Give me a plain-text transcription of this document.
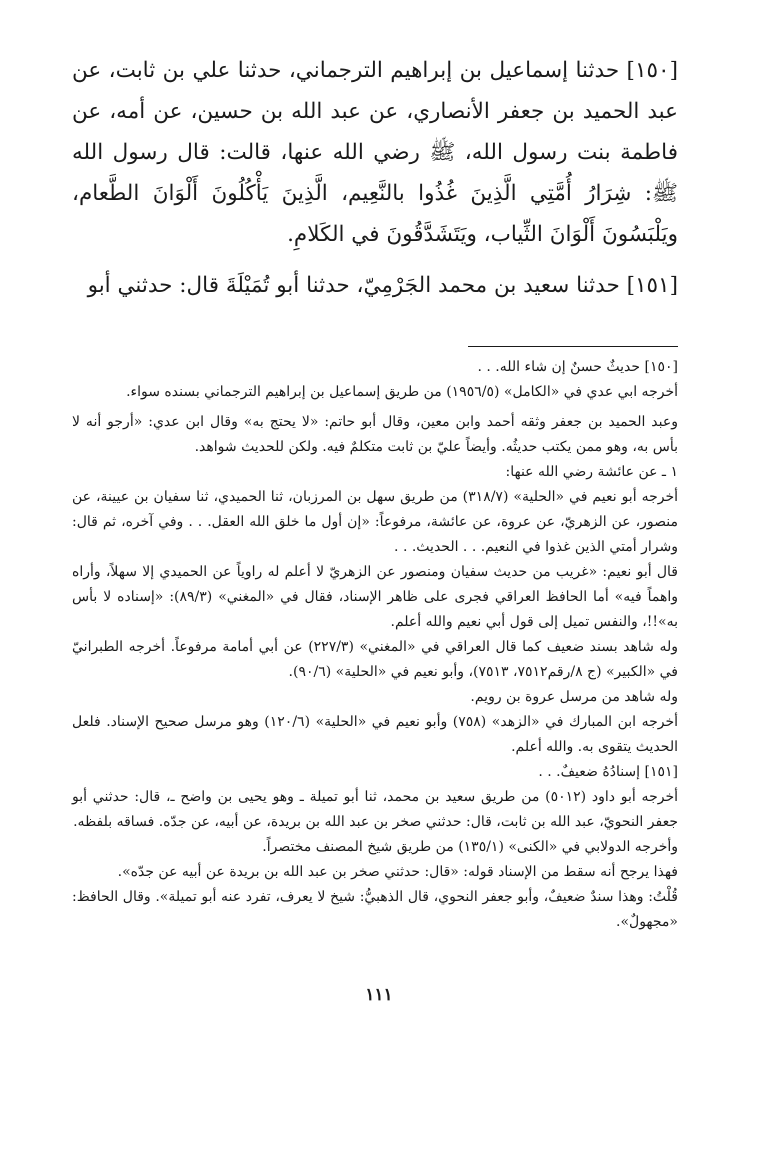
[١٥٠] حدثنا إسماعيل بن إبراهيم الترجماني، حدثنا علي بن ثابت، عن عبد الحميد بن جعفر الأنصاري، عن عبد الله بن حسين، عن أمه، عن فاطمة بنت رسول الله، ﷺ رضي الله عنها، قالت: قال رسول الله ﷺ: شِرَارُ أُمَّتِي الَّذِينَ غُذُوا بالنَّعِيم، الَّذِينَ يَأْكُلُونَ أَلْوَانَ الطَّعام، ويَلْبَسُونَ أَلْوَانَ الثِّياب، ويَتَشَدَّقُونَ في الكَلامِ.

[١٥١] حدثنا سعيد بن محمد الجَرْمِيّ، حدثنا أبو تُمَيْلَةَ قال: حدثني أبو

[١٥٠] حديثٌ حسنٌ إن شاء الله. . .

أخرجه ابي عدي في «الكامل» (١٩٥٦/٥) من طريق إسماعيل بن إبراهيم الترجماني بسنده سواء.

وعبد الحميد بن جعفر وثقه أحمد وابن معين، وقال أبو حاتم: «لا يحتج به» وقال ابن عدي: «أرجو أنه لا بأس به، وهو ممن يكتب حديثُه. وأيضاً عليّ بن ثابت متكلمٌ فيه. ولكن للحديث شواهد.

١ ـ عن عائشة رضي الله عنها:

أخرجه أبو نعيم في «الحلية» (٣١٨/٧) من طريق سهل بن المرزبان، ثنا الحميدي، ثنا سفيان بن عيينة، عن منصور، عن الزهريّ، عن عروة، عن عائشة، مرفوعاً: «إن أول ما خلق الله العقل. . . وفي آخره، ثم قال: وشرار أمتي الذين غذوا في النعيم. . . الحديث. . .

قال أبو نعيم: «غريب من حديث سفيان ومنصور عن الزهريّ لا أعلم له راوياً عن الحميدي إلا سهلاً، وأراه واهماً فيه» أما الحافظ العراقي فجرى على ظاهر الإسناد، فقال في «المغني» (٨٩/٣): «إسناده لا بأس به»!!، والنفس تميل إلى قول أبي نعيم والله أعلم.

وله شاهد بسند ضعيف كما قال العراقي في «المغني» (٢٢٧/٣) عن أبي أمامة مرفوعاً. أخرجه الطبرانيّ في «الكبير» (ج ٨/رقم٧٥١٢، ٧٥١٣)، وأبو نعيم في «الحلية» (٩٠/٦).

وله شاهد من مرسل عروة بن رويم.

أخرجه ابن المبارك في «الزهد» (٧٥٨) وأبو نعيم في «الحلية» (١٢٠/٦) وهو مرسل صحيح الإسناد. فلعل الحديث يتقوى به. والله أعلم.

[١٥١] إسنادُهُ ضعيفٌ. . .

أخرجه أبو داود (٥٠١٢) من طريق سعيد بن محمد، ثنا أبو تميلة ـ وهو يحيى بن واضح ـ، قال: حدثني أبو جعفر النحويّ، عبد الله بن ثابت، قال: حدثني صخر بن عبد الله بن بريدة، عن أبيه، عن جدّه. فساقه بلفظه.

وأخرجه الدولابي في «الكنى» (١٣٥/١) من طريق شيخ المصنف مختصراً.

فهذا يرجح أنه سقط من الإسناد قوله: «قال: حدثني صخر بن عبد الله بن بريدة عن أبيه عن جدّه».

قُلْتُ: وهذا سندٌ ضعيفٌ، وأبو جعفر النحوي، قال الذهبيُّ: شيخ لا يعرف، تفرد عنه أبو تميلة». وقال الحافظ: «مجهولٌ».

١١١
